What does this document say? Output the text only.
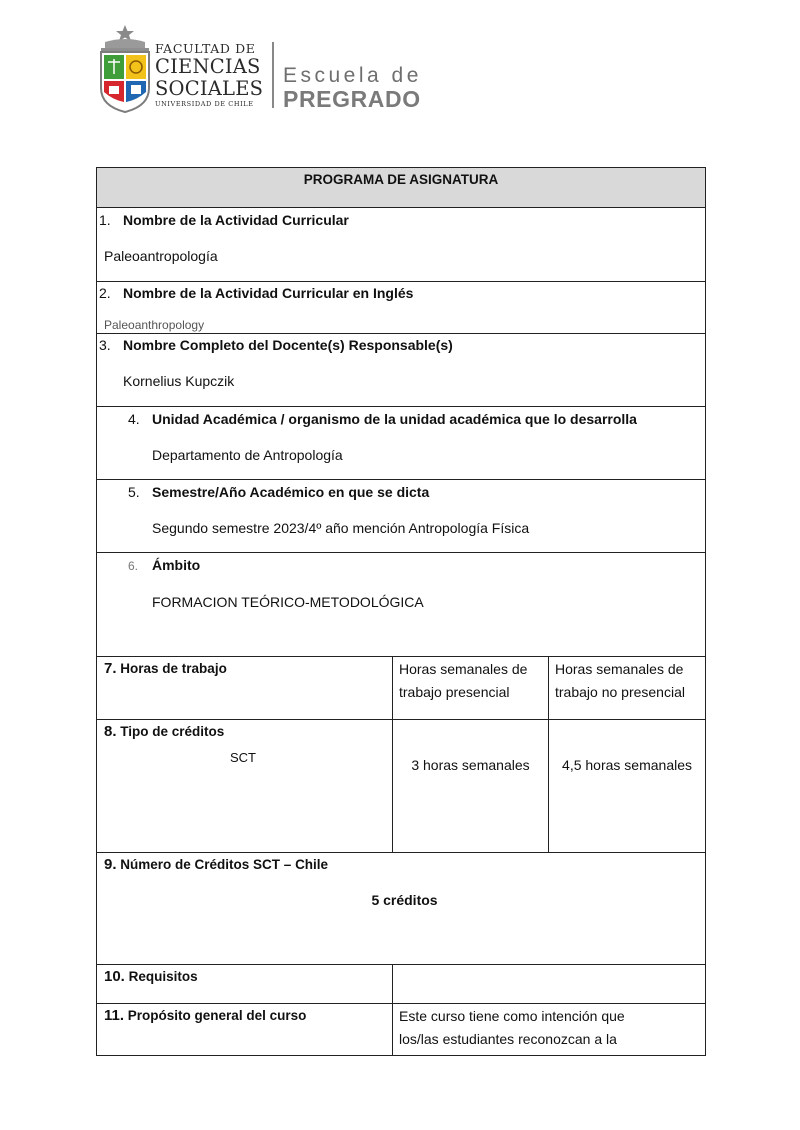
FACULTAD DE
CIENCIAS
SOCIALES
UNIVERSIDAD DE CHILE
Escuela de
PREGRADO
PROGRAMA DE ASIGNATURA		

1. Nombre de la Actividad Curricular
Paleoantropología		

2. Nombre de la Actividad Curricular en Inglés
Paleoanthropology		

3. Nombre Completo del Docente(s) Responsable(s)
Kornelius Kupczik		

4. Unidad Académica / organismo de la unidad académica que lo desarrolla
Departamento de Antropología		

5. Semestre/Año Académico en que se dicta
Segundo semestre 2023/4º año mención Antropología Física		

6. Ámbito
FORMACION TEÓRICO-METODOLÓGICA		

7. Horas de trabajo	Horas semanales de trabajo presencial	Horas semanales de trabajo no presencial
8. Tipo de créditos
SCT	3 horas semanales	4,5 horas semanales
9. Número de Créditos SCT – Chile
5 créditos		

10. Requisitos		
11. Propósito general del curso	Este curso tiene como intención que los/las estudiantes reconozcan a la	
